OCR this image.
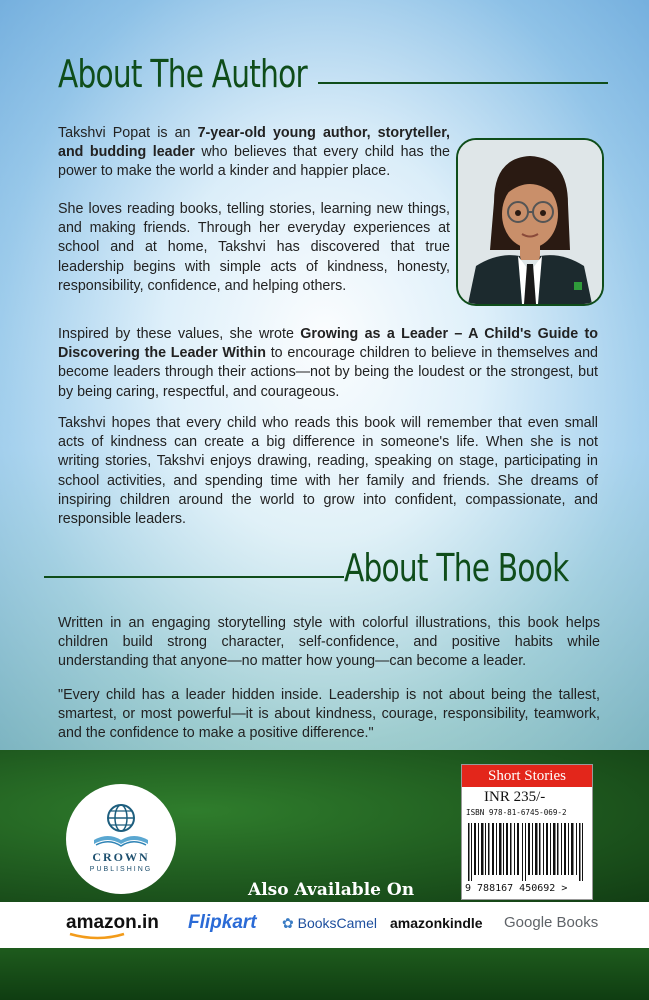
About The Author

Takshvi Popat is an 7-year-old young author, storyteller, and budding leader who believes that every child has the power to make the world a kinder and happier place.

She loves reading books, telling stories, learning new things, and making friends. Through her everyday experiences at school and at home, Takshvi has discovered that true leadership begins with simple acts of kindness, honesty, responsibility, confidence, and helping others.

Inspired by these values, she wrote Growing as a Leader – A Child's Guide to Discovering the Leader Within to encourage children to believe in themselves and become leaders through their actions—not by being the loudest or the strongest, but by being caring, respectful, and courageous.

Takshvi hopes that every child who reads this book will remember that even small acts of kindness can create a big difference in someone's life. When she is not writing stories, Takshvi enjoys drawing, reading, speaking on stage, participating in school activities, and spending time with her family and friends. She dreams of inspiring children around the world to grow into confident, compassionate, and responsible leaders.

About The Book

Written in an engaging storytelling style with colorful illustrations, this book helps children build strong character, self-confidence, and positive habits while understanding that anyone—no matter how young—can become a leader.

"Every child has a leader hidden inside. Leadership is not about being the tallest, smartest, or most powerful—it is about kindness, courage, responsibility, teamwork, and the confidence to make a positive difference."

CROWN
PUBLISHING
Also Available On
Short Stories
INR 235/-
ISBN 978-81-6745-069-2
9 788167 450692 >
amazon.in Flipkart ✿ BooksCamel amazonkindle Google Books
